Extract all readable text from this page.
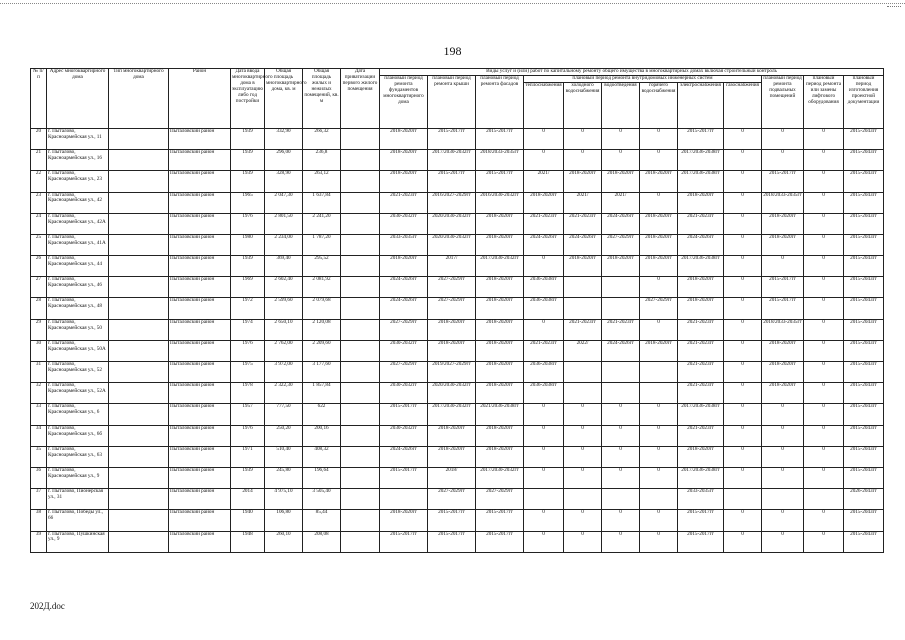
198
№ п/п	Адрес многоквартирного дома	Тип многоквартирного дома	Район	Дата ввода многоквартирного дома в эксплуатацию либо год постройки	Общая площадь многоквартирного дома, кв. м	Общая площадь жилых и нежилых помещений, кв. м	Дата приватизации первого жилого помещения	Виды услуг и (или) работ по капитальному ремонту общего имущества в многоквартирных домах включая строительный контроль											
								плановый период ремонта фундаментов многоквартирного дома	плановый период ремонта крыши	плановый период ремонта фасадов	плановый период ремонта внутридомовых инженерных систем						плановый период ремонта подвальных помещений	плановый период ремонта или замены лифтового оборудования	плановый период изготовления проектной документации
											теплоснабжения	холодного водоснабжения	водоотведения	горячего водоснабжения	электроснабжения	газоснабжения			
20	г. Пыталово, Красноармейская ул., 11		Пыталовский район	1939	332,90	266,32		2018-2020гг	2015-2017гг	2015-2017гг	0	0	0	0	2015-2017гг	0	0	0	2015-2043гг
21	г. Пыталово, Красноармейская ул., 16		Пыталовский район	1939	296,00	236,8		2018-2020гг	2017/2030-2032гг	2018/2033-2035гг	0	0	0	0	2017/2036-2038гг	0	0	0	2015-2043гг
22	г. Пыталово, Красноармейская ул., 23		Пыталовский район	1939	328,90	263,12		2018-2020гг	2015-2017гг	2015-2017гг	2021/	2018-2020гг	2018-2020гг	2018-2020гг	2017/2036-2038гг	0	2015-2017гг	0	2015-2043гг
23	г. Пыталово, Красноармейская ул., 42		Пыталовский район	1965	2 047,30	1 637,84		2021-2023гг	2016/2027-2029гг	2016/2030-2032гг	2018-2020гг	2021/	2021/	0	2018-2020гг	0	2018/2033-2035гг	0	2015-2043гг
24	г. Пыталово, Красноармейская ул., 42А		Пыталовский район	1976	2 801,50	2 241,20		2030-2032гг	2020/2030-2032гг	2018-2020гг	2021-2023гг	2021-2023гг	2024-2026гг	2018-2020гг	2021-2023гг	0	2018-2020гг	0	2015-2043гг
25	г. Пыталово, Красноармейская ул., 41А		Пыталовский район	1980	2 234,00	1 787,20		2033-2035гг	2020/2030-2032гг	2018-2020гг	2024-2026гг	2024-2026гг	2027-2029гг	2018-2020гг	2024-2026гг	0	2018-2020гг	0	2015-2043гг
26	г. Пыталово, Красноармейская ул., 44		Пыталовский район	1939	369,40	295,52		2018-2020гг	2017/	2017/2030-2032гг	0	2018-2020гг	2018-2020гг	2018-2020гг	2017/2036-2038гг	0	0	0	2015-2043гг
27	г. Пыталово, Красноармейская ул., 46		Пыталовский район	1969	2 602,40	2 081,92		2024-2026гг	2027-2029гг	2018-2020гг	2036-2038гг			0	2018-2020гг	0	2015-2017гг	0	2015-2043гг
28	г. Пыталово, Красноармейская ул., 48		Пыталовский район	1972	2 599,60	2 079,68		2024-2026гг	2027-2029гг	2018-2020гг	2036-2038гг			2027-2029гг	2018-2020гг	0	2015-2017гг	0	2015-2043гг
29	г. Пыталово, Красноармейская ул., 50		Пыталовский район	1974	2 650,10	2 120,08		2027-2029гг	2018-2020гг	2018-2020гг	0	2021-2023гг	2021-2023гг	0	2021-2023гг	0	2018/2033-2035гг	0	2015-2043гг
30	г. Пыталово, Красноармейская ул., 50А		Пыталовский район	1976	2 762,00	2 209,60		2030-2032гг	2018-2020гг	2018-2020гг	2021-2023гг	2022/	2024-2026гг	2018-2020гг	2021-2023гг	0	2018-2020гг	0	2015-2043гг
31	г. Пыталово, Красноармейская ул., 52		Пыталовский район	1975	3 972,00	3 177,60		2027-2029гг	2019/2027-2029гг	2018-2020гг	2036-2038гг				2021-2023гг	0	2018-2020гг	0	2015-2043гг
32	г. Пыталово, Красноармейская ул., 52А		Пыталовский район	1978	2 322,30	1 857,84		2030-2032гг	2020/2030-2032гг	2018-2020гг	2036-2038гг				2021-2023гг	0	2018-2020гг	0	2015-2043гг
33	г. Пыталово, Красноармейская ул., 6		Пыталовский район	1957	777,50	622		2015-2017гг	2017/2030-2032гг	2021/2036-2038гг	0	0	0	0	2017/2036-2038гг	0	0	0	2015-2043гг
34	г. Пыталово, Красноармейская ул., 6б		Пыталовский район	1976	250,20	200,16		2030-2032гг	2018-2020гг	2018-2020гг	0	0	0	0	2021-2023гг	0	0	0	2015-2043гг
35	г. Пыталово, Красноармейская ул., 63		Пыталовский район	1971	510,40	408,32		2024-2026гг	2018-2020гг	2018-2020гг	0	0	0	0	2018-2020гг	0	0	0	2015-2043гг
36	г. Пыталово, Красноармейская ул., 9		Пыталовский район	1939	245,80	196,64		2015-2017гг	2018/	2017/2030-2032гг	0	0	0	0	2017/2036-2038гг	0	0	0	2015-2043гг
37	г. Пыталово, Пионерская ул., 31		Пыталовский район	2014	4 975,10	3 505,40			2027-2029гг	2027-2029гг					2033-2035гг				2026-2043гг
38	г. Пыталово, Победы ул., 66		Пыталовский район	1940	106,80	85,44		2018-2020гг	2015-2017гг	2015-2017гг	0	0	0	0	2015-2017гг	0	0	0	2015-2043гг
39	г. Пыталово, Пушкинская ул., 9		Пыталовский район	1948	260,10	208,08		2015-2017гг	2015-2017гг	2015-2017гг	0	0	0	0	2015-2017гг	0	0	0	2015-2043гг
202Д.doc
